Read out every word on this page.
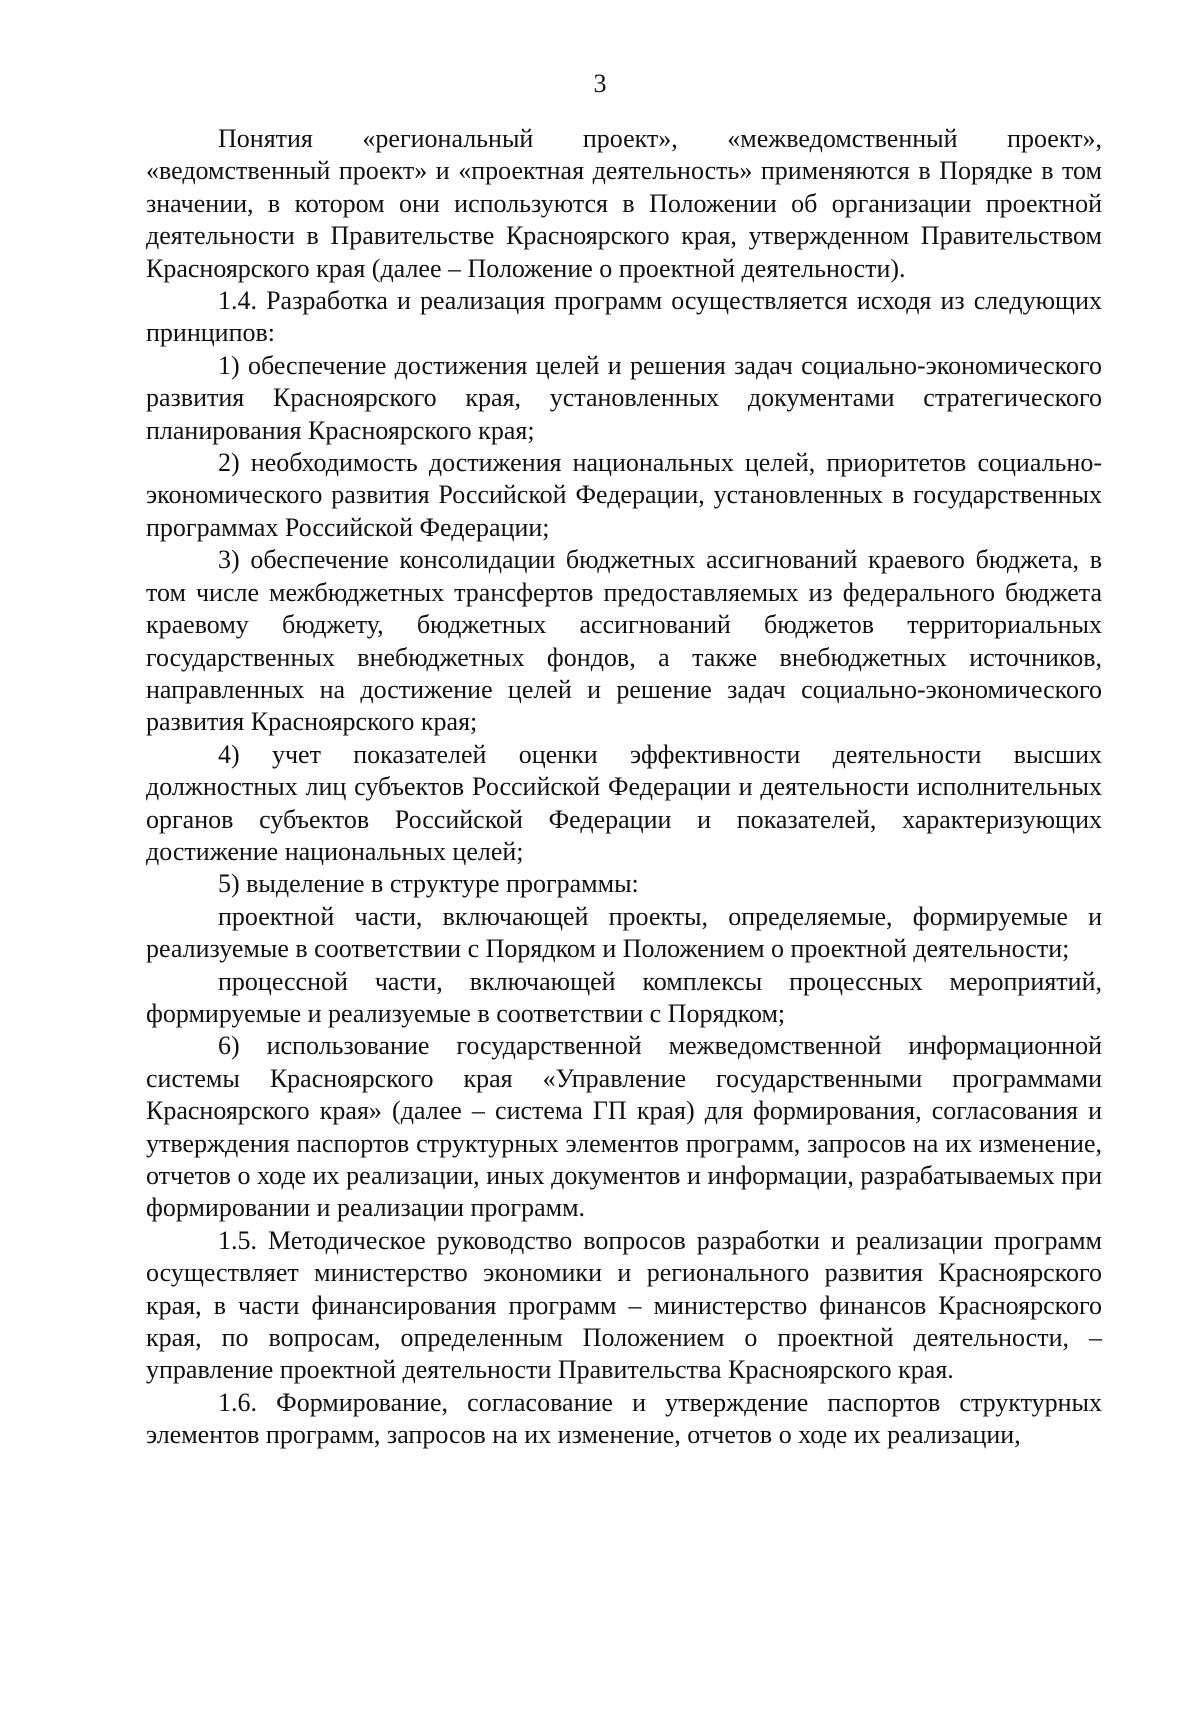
3

Понятия «региональный проект», «межведомственный проект», «ведомственный проект» и «проектная деятельность» применяются в Порядке в том значении, в котором они используются в Положении об организации проектной деятельности в Правительстве Красноярского края, утвержденном Правительством Красноярского края (далее – Положение о проектной деятельности).

1.4. Разработка и реализация программ осуществляется исходя из следующих принципов:

1) обеспечение достижения целей и решения задач социально-экономического развития Красноярского края, установленных документами стратегического планирования Красноярского края;

2) необходимость достижения национальных целей, приоритетов социально-экономического развития Российской Федерации, установленных в государственных программах Российской Федерации;

3) обеспечение консолидации бюджетных ассигнований краевого бюджета, в том числе межбюджетных трансфертов предоставляемых из федерального бюджета краевому бюджету, бюджетных ассигнований бюджетов территориальных государственных внебюджетных фондов, а также внебюджетных источников, направленных на достижение целей и решение задач социально-экономического развития Красноярского края;

4) учет показателей оценки эффективности деятельности высших должностных лиц субъектов Российской Федерации и деятельности исполнительных органов субъектов Российской Федерации и показателей, характеризующих достижение национальных целей;

5) выделение в структуре программы:

проектной части, включающей проекты, определяемые, формируемые и реализуемые в соответствии с Порядком и Положением о проектной деятельности;

процессной части, включающей комплексы процессных мероприятий, формируемые и реализуемые в соответствии с Порядком;

6) использование государственной межведомственной информационной системы Красноярского края «Управление государственными программами Красноярского края» (далее – система ГП края) для формирования, согласования и утверждения паспортов структурных элементов программ, запросов на их изменение, отчетов о ходе их реализации, иных документов и информации, разрабатываемых при формировании и реализации программ.

1.5. Методическое руководство вопросов разработки и реализации программ осуществляет министерство экономики и регионального развития Красноярского края, в части финансирования программ – министерство финансов Красноярского края, по вопросам, определенным Положением о проектной деятельности, – управление проектной деятельности Правительства Красноярского края.

1.6. Формирование, согласование и утверждение паспортов структурных элементов программ, запросов на их изменение, отчетов о ходе их реализации,
